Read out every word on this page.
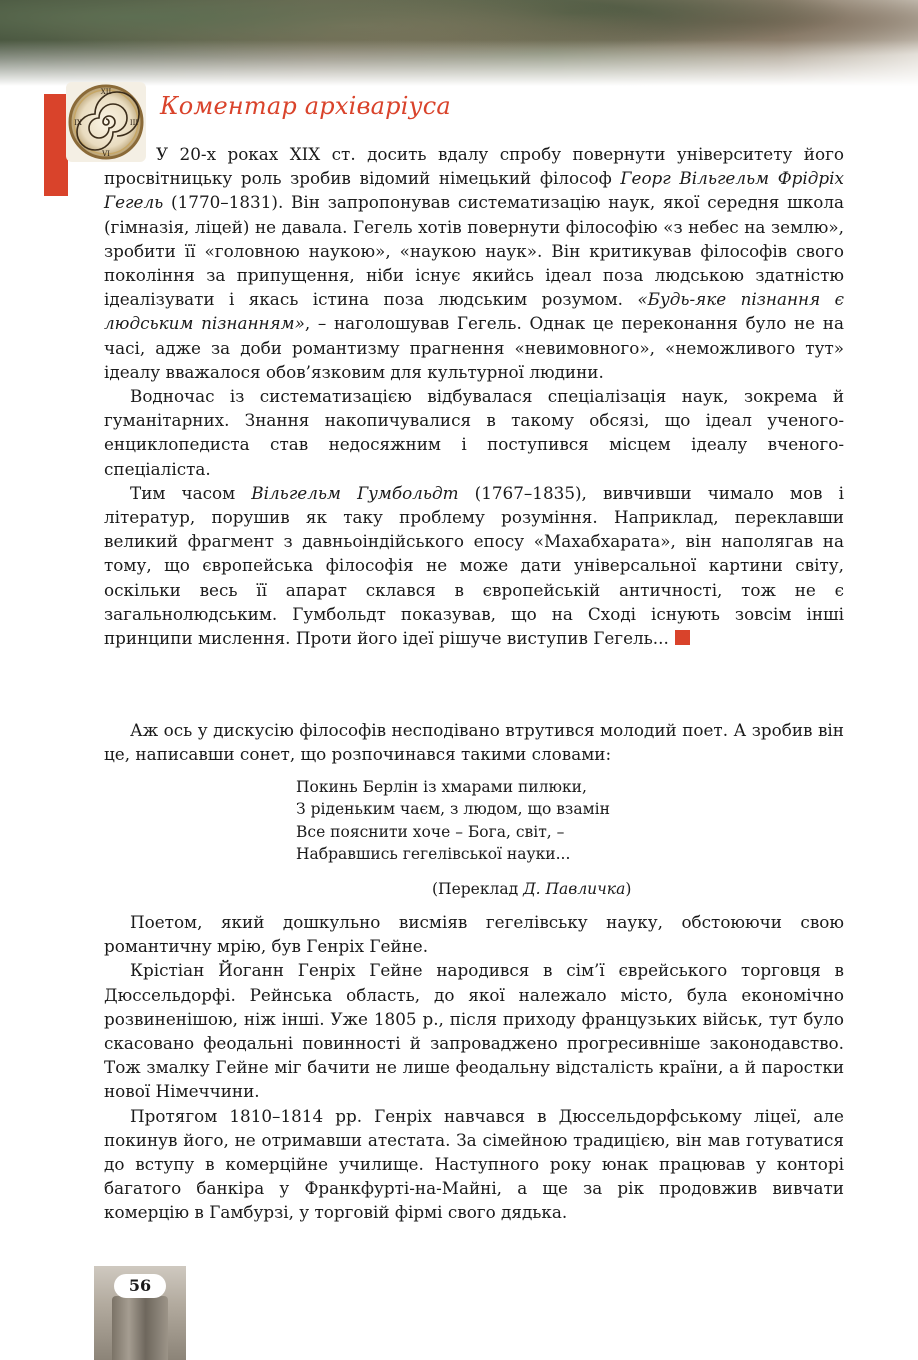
XII
III
VI
IX
Коментар архіваріуса

У 20-х роках XIX ст. досить вдалу спробу повернути університету його просвітницьку роль зробив відомий німецький філософ Георг Вільгельм Фрідріх Гегель (1770–1831). Він запропонував систематизацію наук, якої середня школа (гімназія, ліцей) не давала. Гегель хотів повернути філософію «з небес на землю», зробити її «головною наукою», «наукою наук». Він критикував філософів свого покоління за припущення, ніби існує якийсь ідеал поза людською здатністю ідеалізувати і якась істина поза людським розумом. «Будь-яке пізнання є людським пізнанням», – наголошував Гегель. Однак це переконання було не на часі, адже за доби романтизму прагнення «невимовного», «неможливого тут» ідеалу вважалося обов’язковим для культурної людини.

Водночас із систематизацією відбувалася спеціалізація наук, зокрема й гуманітарних. Знання накопичувалися в такому обсязі, що ідеал ученого-енциклопедиста став недосяжним і поступився місцем ідеалу вченого-спеціаліста.

Тим часом Вільгельм Гумбольдт (1767–1835), вивчивши чимало мов і літератур, порушив як таку проблему розуміння. Наприклад, переклавши великий фрагмент з давньоіндійського епосу «Махабхарата», він наполягав на тому, що європейська філософія не може дати універсальної картини світу, оскільки весь її апарат склався в європейській античності, тож не є загальнолюдським. Гумбольдт показував, що на Сході існують зовсім інші принципи мислення. Проти його ідеї рішуче виступив Гегель...

Аж ось у дискусію філософів несподівано втрутився молодий поет. А зробив він це, написавши сонет, що розпочинався такими словами:

Покинь Берлін із хмарами пилюки,
З ріденьким чаєм, з людом, що взамін
Все пояснити хоче – Бога, світ, –
Набравшись гегелівської науки...
(Переклад Д. Павличка)

Поетом, який дошкульно висміяв гегелівську науку, обстоюючи свою романтичну мрію, був Генріх Гейне.

Крістіан Йоганн Генріх Гейне народився в сім’ї єврейського торговця в Дюссельдорфі. Рейнська область, до якої належало місто, була економічно розвиненішою, ніж інші. Уже 1805 р., після приходу французьких військ, тут було скасовано феодальні повинності й запроваджено прогресивніше законодавство. Тож змалку Гейне міг бачити не лише феодальну відсталість країни, а й паростки нової Німеччини.

Протягом 1810–1814 рр. Генріх навчався в Дюссельдорфському ліцеї, але покинув його, не отримавши атестата. За сімейною традицією, він мав готуватися до вступу в комерційне училище. Наступного року юнак працював у конторі багатого банкіра у Франкфурті-на-Майні, а ще за рік продовжив вивчати комерцію в Гамбурзі, у торговій фірмі свого дядька.

56
